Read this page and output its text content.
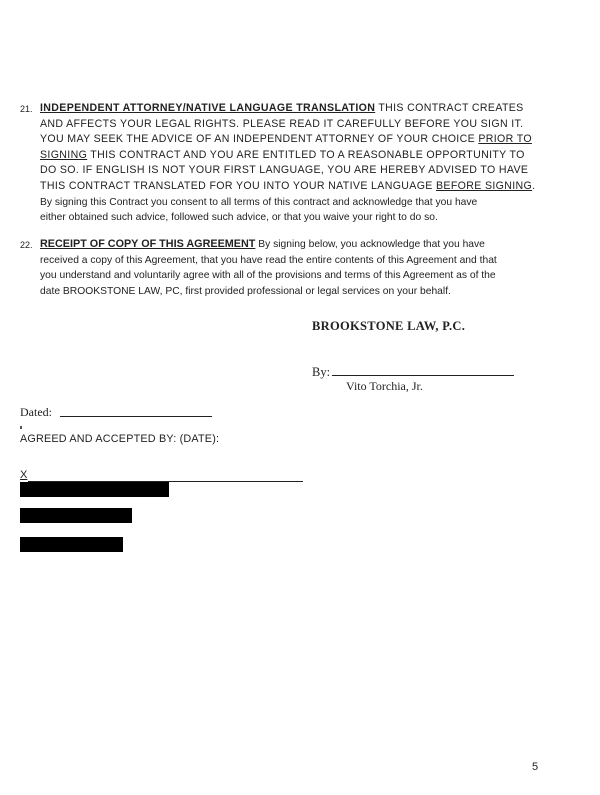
21. INDEPENDENT ATTORNEY/NATIVE LANGUAGE TRANSLATION THIS CONTRACT CREATES
AND AFFECTS YOUR LEGAL RIGHTS. PLEASE READ IT CAREFULLY BEFORE YOU SIGN IT.
YOU MAY SEEK THE ADVICE OF AN INDEPENDENT ATTORNEY OF YOUR CHOICE PRIOR TO
SIGNING THIS CONTRACT AND YOU ARE ENTITLED TO A REASONABLE OPPORTUNITY TO
DO SO. IF ENGLISH IS NOT YOUR FIRST LANGUAGE, YOU ARE HEREBY ADVISED TO HAVE
THIS CONTRACT TRANSLATED FOR YOU INTO YOUR NATIVE LANGUAGE BEFORE SIGNING.
By signing this Contract you consent to all terms of this contract and acknowledge that you have
either obtained such advice, followed such advice, or that you waive your right to do so.
22. RECEIPT OF COPY OF THIS AGREEMENT By signing below, you acknowledge that you have
received a copy of this Agreement, that you have read the entire contents of this Agreement and that
you understand and voluntarily agree with all of the provisions and terms of this Agreement as of the
date BROOKSTONE LAW, PC, first provided professional or legal services on your behalf.
BROOKSTONE LAW, P.C.
By:
Vito Torchia, Jr.
Dated:
AGREED AND ACCEPTED BY: (DATE):
X
5
